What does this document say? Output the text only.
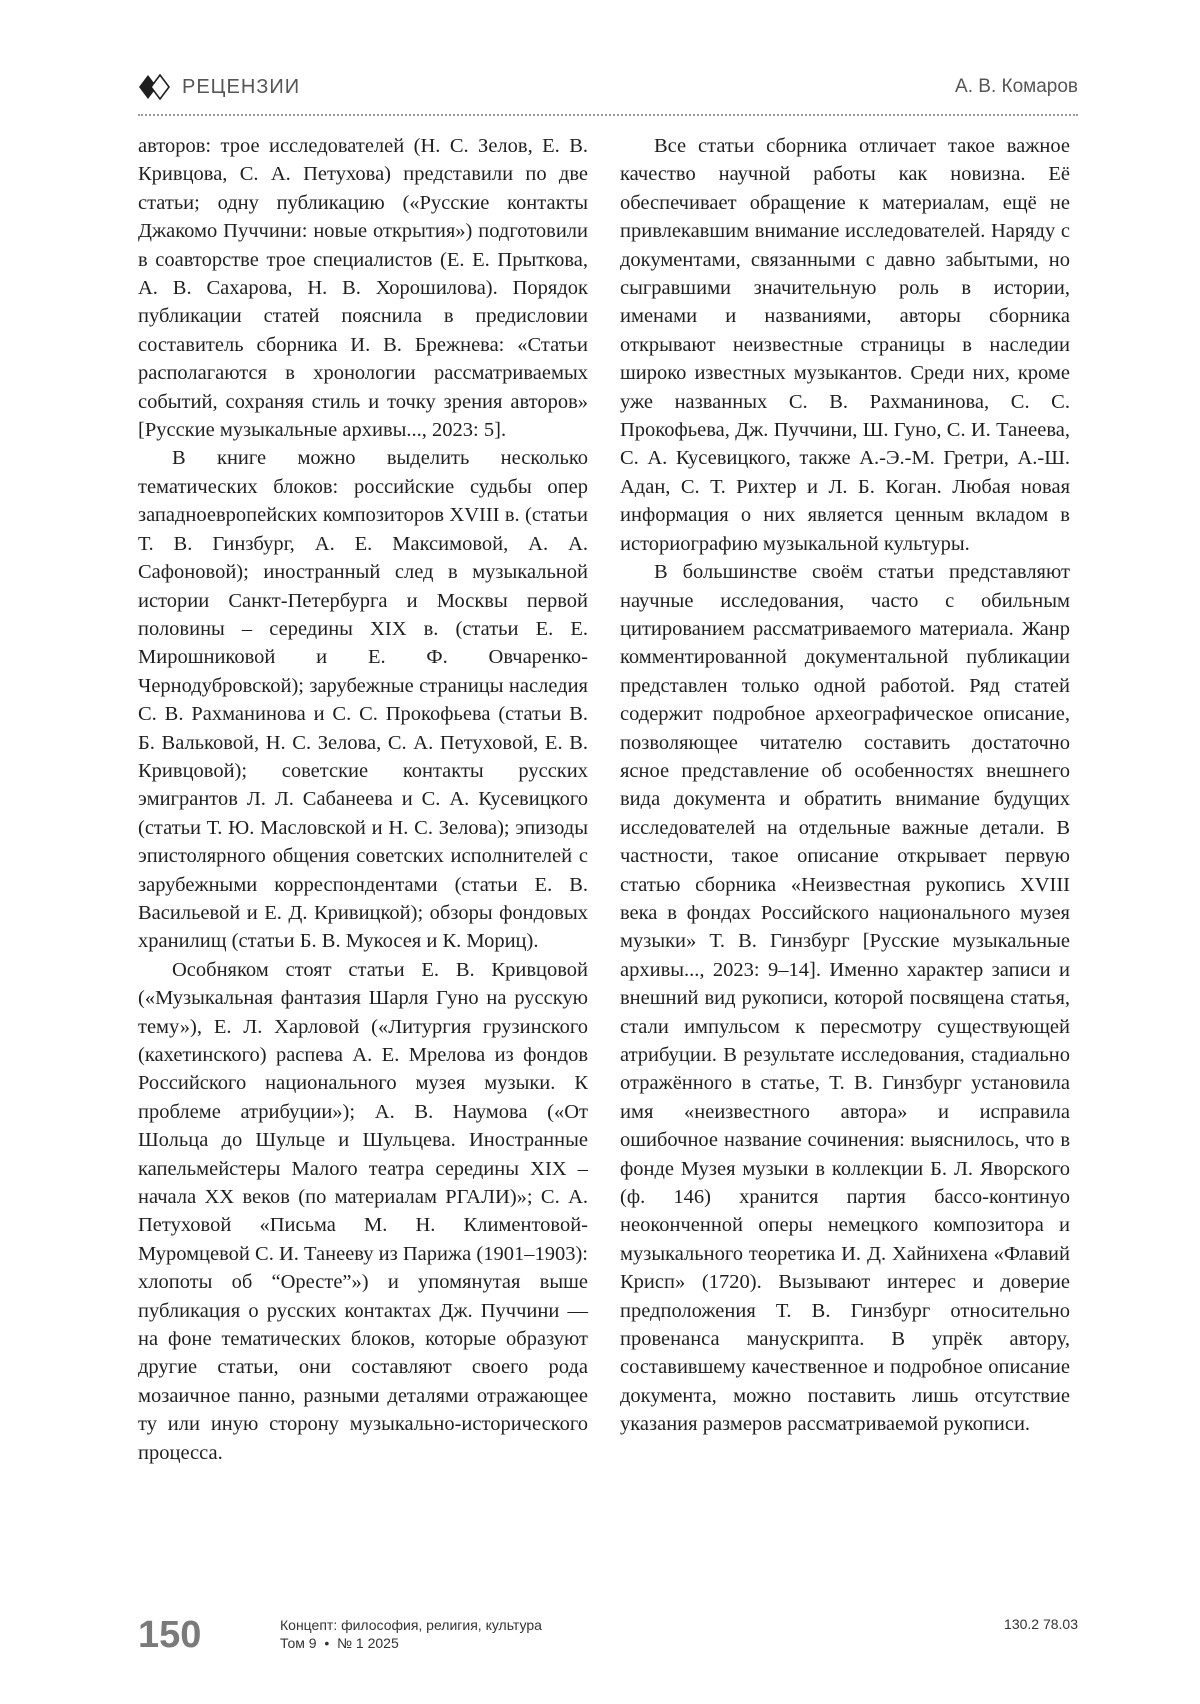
РЕЦЕНЗИИ	А. В. Комаров

авторов: трое исследователей (Н. С. Зелов, Е. В. Кривцова, С. А. Петухова) представили по две статьи; одну публикацию («Русские контакты Джакомо Пуччини: новые открытия») подготовили в соавторстве трое специалистов (Е. Е. Прыткова, А. В. Сахарова, Н. В. Хорошилова). Порядок публикации статей пояснила в предисловии составитель сборника И. В. Брежнева: «Статьи располагаются в хронологии рассматриваемых событий, сохраняя стиль и точку зрения авторов» [Русские музыкальные архивы..., 2023: 5].

В книге можно выделить несколько тематических блоков: российские судьбы опер западноевропейских композиторов XVIII в. (статьи Т. В. Гинзбург, А. Е. Максимовой, А. А. Сафоновой); иностранный след в музыкальной истории Санкт-Петербурга и Москвы первой половины – середины XIX в. (статьи Е. Е. Мирошниковой и Е. Ф. Овчаренко-Чернодубровской); зарубежные страницы наследия С. В. Рахманинова и С. С. Прокофьева (статьи В. Б. Вальковой, Н. С. Зелова, С. А. Петуховой, Е. В. Кривцовой); советские контакты русских эмигрантов Л. Л. Сабанеева и С. А. Кусевицкого (статьи Т. Ю. Масловской и Н. С. Зелова); эпизоды эпистолярного общения советских исполнителей с зарубежными корреспондентами (статьи Е. В. Васильевой и Е. Д. Кривицкой); обзоры фондовых хранилищ (статьи Б. В. Мукосея и К. Мориц).

Особняком стоят статьи Е. В. Кривцовой («Музыкальная фантазия Шарля Гуно на русскую тему»), Е. Л. Харловой («Литургия грузинского (кахетинского) распева А. Е. Мрелова из фондов Российского национального музея музыки. К проблеме атрибуции»); А. В. Наумова («От Шольца до Шульце и Шульцева. Иностранные капельмейстеры Малого театра середины XIX – начала XX веков (по материалам РГАЛИ)»; С. А. Петуховой «Письма М. Н. Климентовой-Муромцевой С. И. Танееву из Парижа (1901–1903): хлопоты об “Оресте”») и упомянутая выше публикация о русских контактах Дж. Пуччини — на фоне тематических блоков, которые образуют другие статьи, они составляют своего рода мозаичное панно, разными деталями отражающее ту или иную сторону музыкально-исторического процесса.

Все статьи сборника отличает такое важное качество научной работы как новизна. Её обеспечивает обращение к материалам, ещё не привлекавшим внимание исследователей. Наряду с документами, связанными с давно забытыми, но сыгравшими значительную роль в истории, именами и названиями, авторы сборника открывают неизвестные страницы в наследии широко известных музыкантов. Среди них, кроме уже названных С. В. Рахманинова, С. С. Прокофьева, Дж. Пуччини, Ш. Гуно, С. И. Танеева, С. А. Кусевицкого, также А.-Э.-М. Гретри, А.-Ш. Адан, С. Т. Рихтер и Л. Б. Коган. Любая новая информация о них является ценным вкладом в историографию музыкальной культуры.

В большинстве своём статьи представляют научные исследования, часто с обильным цитированием рассматриваемого материала. Жанр комментированной документальной публикации представлен только одной работой. Ряд статей содержит подробное археографическое описание, позволяющее читателю составить достаточно ясное представление об особенностях внешнего вида документа и обратить внимание будущих исследователей на отдельные важные детали. В частности, такое описание открывает первую статью сборника «Неизвестная рукопись XVIII века в фондах Российского национального музея музыки» Т. В. Гинзбург [Русские музыкальные архивы..., 2023: 9–14]. Именно характер записи и внешний вид рукописи, которой посвящена статья, стали импульсом к пересмотру существующей атрибуции. В результате исследования, стадиально отражённого в статье, Т. В. Гинзбург установила имя «неизвестного автора» и исправила ошибочное название сочинения: выяснилось, что в фонде Музея музыки в коллекции Б. Л. Яворского (ф. 146) хранится партия бассо-континуо неоконченной оперы немецкого композитора и музыкального теоретика И. Д. Хайнихена «Флавий Крисп» (1720). Вызывают интерес и доверие предположения Т. В. Гинзбург относительно провенанса манускрипта. В упрёк автору, составившему качественное и подробное описание документа, можно поставить лишь отсутствие указания размеров рассматриваемой рукописи.

150	Концепт: философия, религия, культура
Том 9  •  № 1 2025
130.2 78.03
